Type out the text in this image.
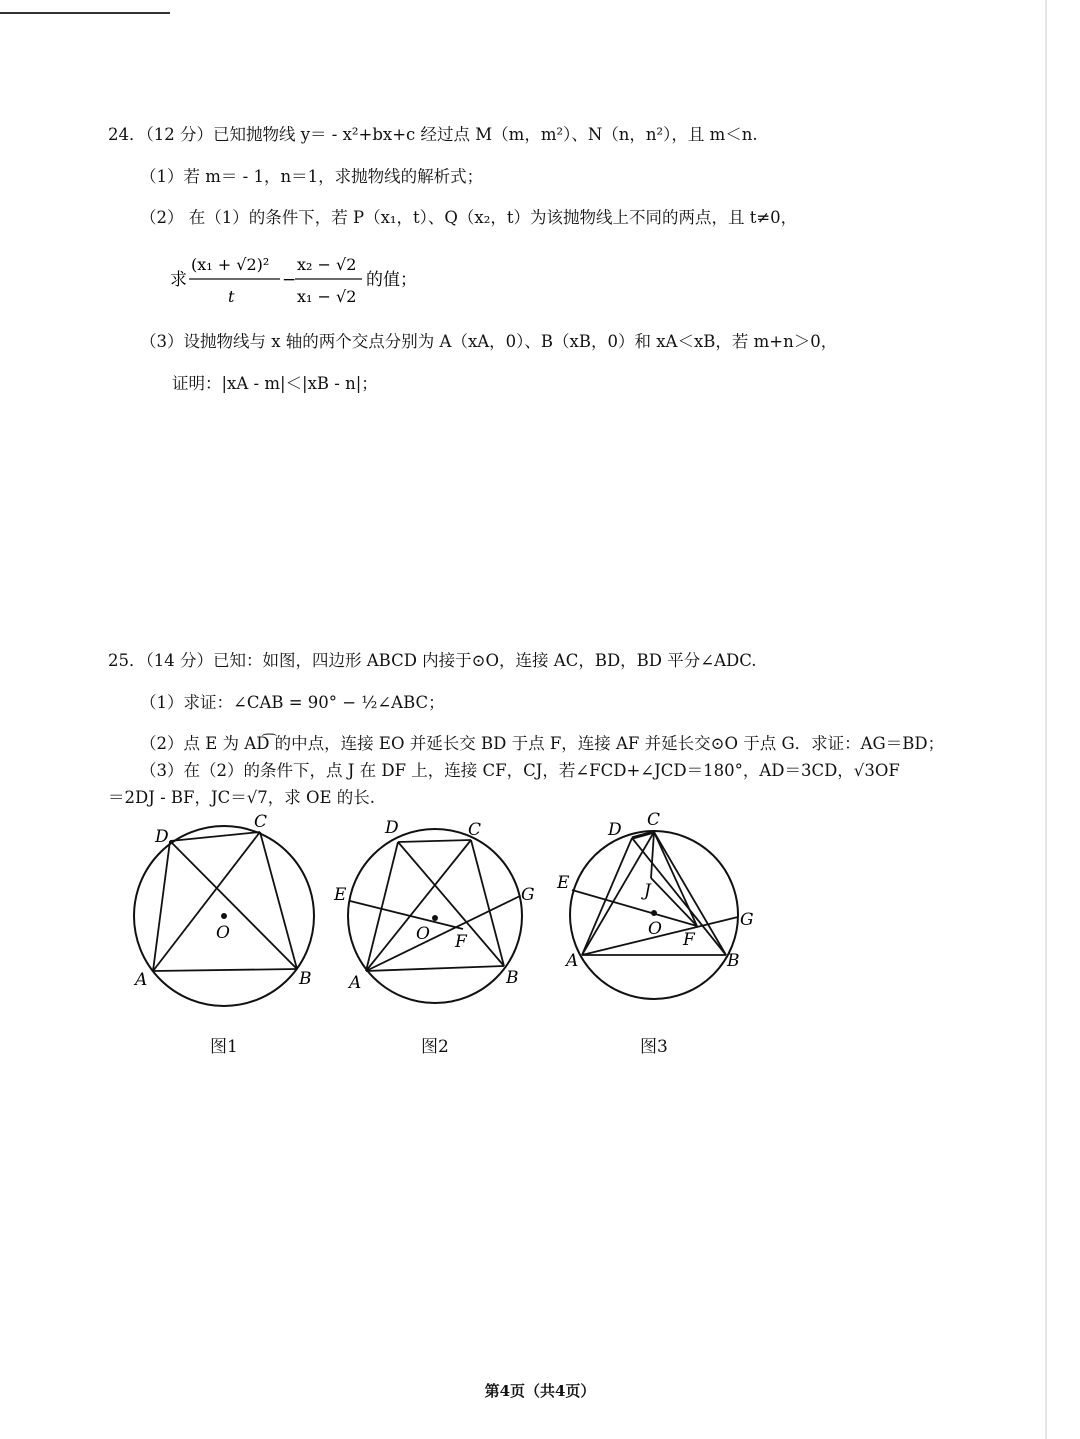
24．（12 分）已知抛物线 y＝ - x²+bx+c 经过点 M（m，m²）、N（n，n²），且 m＜n.
（1）若 m＝ - 1，n＝1，求抛物线的解析式；
（2） 在（1）的条件下，若 P（x₁，t）、Q（x₂，t）为该抛物线上不同的两点，且 t≠0，
求
(x₁ + √2)²
t
−
x₂ − √2
x₁ − √2
的值；
（3）设抛物线与 x 轴的两个交点分别为 A（xA，0）、B（xB，0）和 xA＜xB，若 m+n＞0，
证明：|xA - m|＜|xB - n|；
25．（14 分）已知：如图，四边形 ABCD 内接于⊙O，连接 AC，BD，BD 平分∠ADC.
（1）求证：∠CAB = 90° − ½∠ABC；
（2）点 E 为 AD͡ 的中点，连接 EO 并延长交 BD 于点 F，连接 AF 并延长交⊙O 于点 G．求证：AG＝BD；
（3）在（2）的条件下，点 J 在 DF 上，连接 CF，CJ，若∠FCD+∠JCD＝180°，AD＝3CD，√3OF
＝2DJ - BF，JC＝√7，求 OE 的长.
D
C
O
A	B
D	C
E	G
O F
A	B
D C
E	J
G
O
F
A	B
图1	图2	图3
第4页（共4页）
